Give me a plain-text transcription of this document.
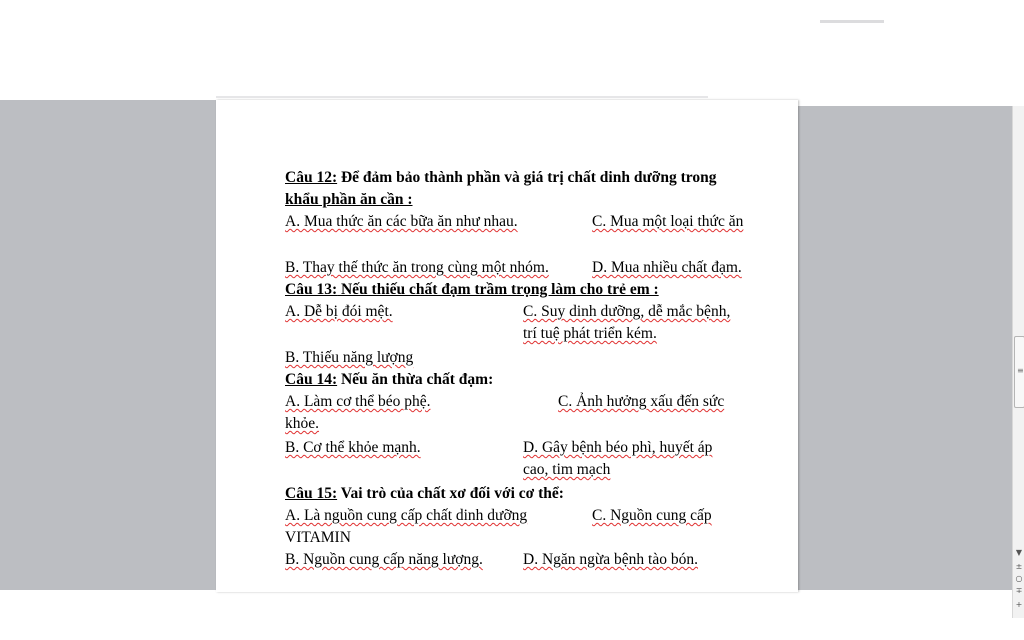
Câu 12: Để đảm bảo thành phần và giá trị chất dinh dưỡng trong
khẩu phần ăn cần :
A. Mua thức ăn các bữa ăn như nhau.	C. Mua một loại thức ăn
B. Thay thế thức ăn trong cùng một nhóm.	D. Mua nhiều chất đạm.
Câu 13: Nếu thiếu chất đạm trầm trọng làm cho trẻ em :
A. Dễ bị đói mệt.	C. Suy dinh dưỡng, dễ mắc bệnh,
trí tuệ phát triển kém.
B. Thiếu năng lượng
Câu 14: Nếu ăn thừa chất đạm:
A. Làm cơ thể béo phệ.	C. Ảnh hưởng xấu đến sức
khỏe.
B. Cơ thể khỏe mạnh.	D. Gây bệnh béo phì, huyết áp
cao, tim mạch
Câu 15: Vai trò của chất xơ đối với cơ thể:
A. Là nguồn cung cấp chất dinh dưỡng	C. Nguồn cung cấp
VITAMIN
B. Nguồn cung cấp năng lượng.	D. Ngăn ngừa bệnh tào bón.
≡
▼
±
○
∓
+
